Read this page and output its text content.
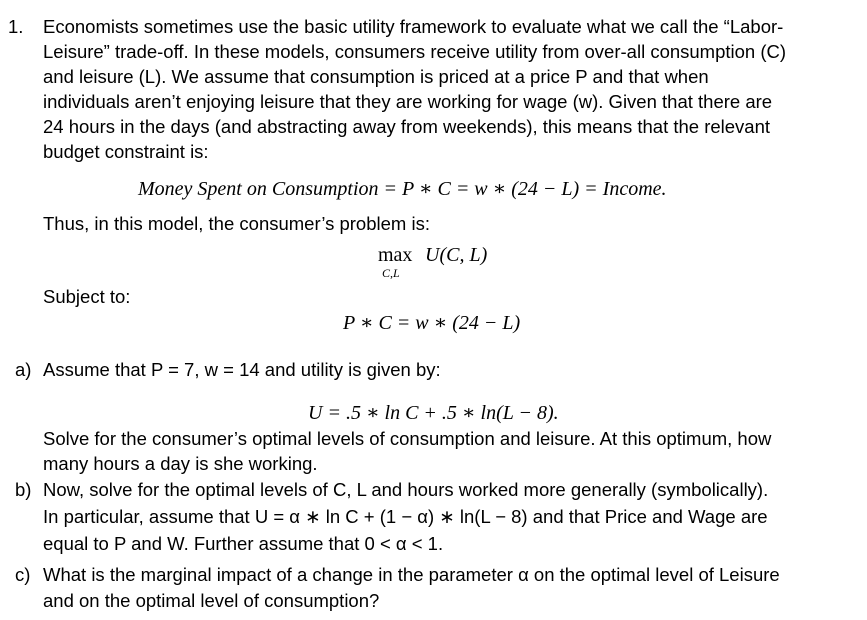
1. Economists sometimes use the basic utility framework to evaluate what we call the “Labor-
Leisure” trade-off. In these models, consumers receive utility from over-all consumption (C)
and leisure (L). We assume that consumption is priced at a price P and that when
individuals aren’t enjoying leisure that they are working for wage (w). Given that there are
24 hours in the days (and abstracting away from weekends), this means that the relevant
budget constraint is:
Money Spent on Consumption = P ∗ C = w ∗ (24 − L) = Income.
Thus, in this model, the consumer’s problem is:
max
C,L
U(C, L)
Subject to:
P ∗ C = w ∗ (24 − L)
a) Assume that P = 7, w = 14 and utility is given by:
U = .5 ∗ ln C + .5 ∗ ln(L − 8).
Solve for the consumer’s optimal levels of consumption and leisure. At this optimum, how
many hours a day is she working.
b) Now, solve for the optimal levels of C, L and hours worked more generally (symbolically).
In particular, assume that U = α ∗ ln C + (1 − α) ∗ ln(L − 8) and that Price and Wage are
equal to P and W. Further assume that 0 < α < 1.
c) What is the marginal impact of a change in the parameter α on the optimal level of Leisure
and on the optimal level of consumption?
